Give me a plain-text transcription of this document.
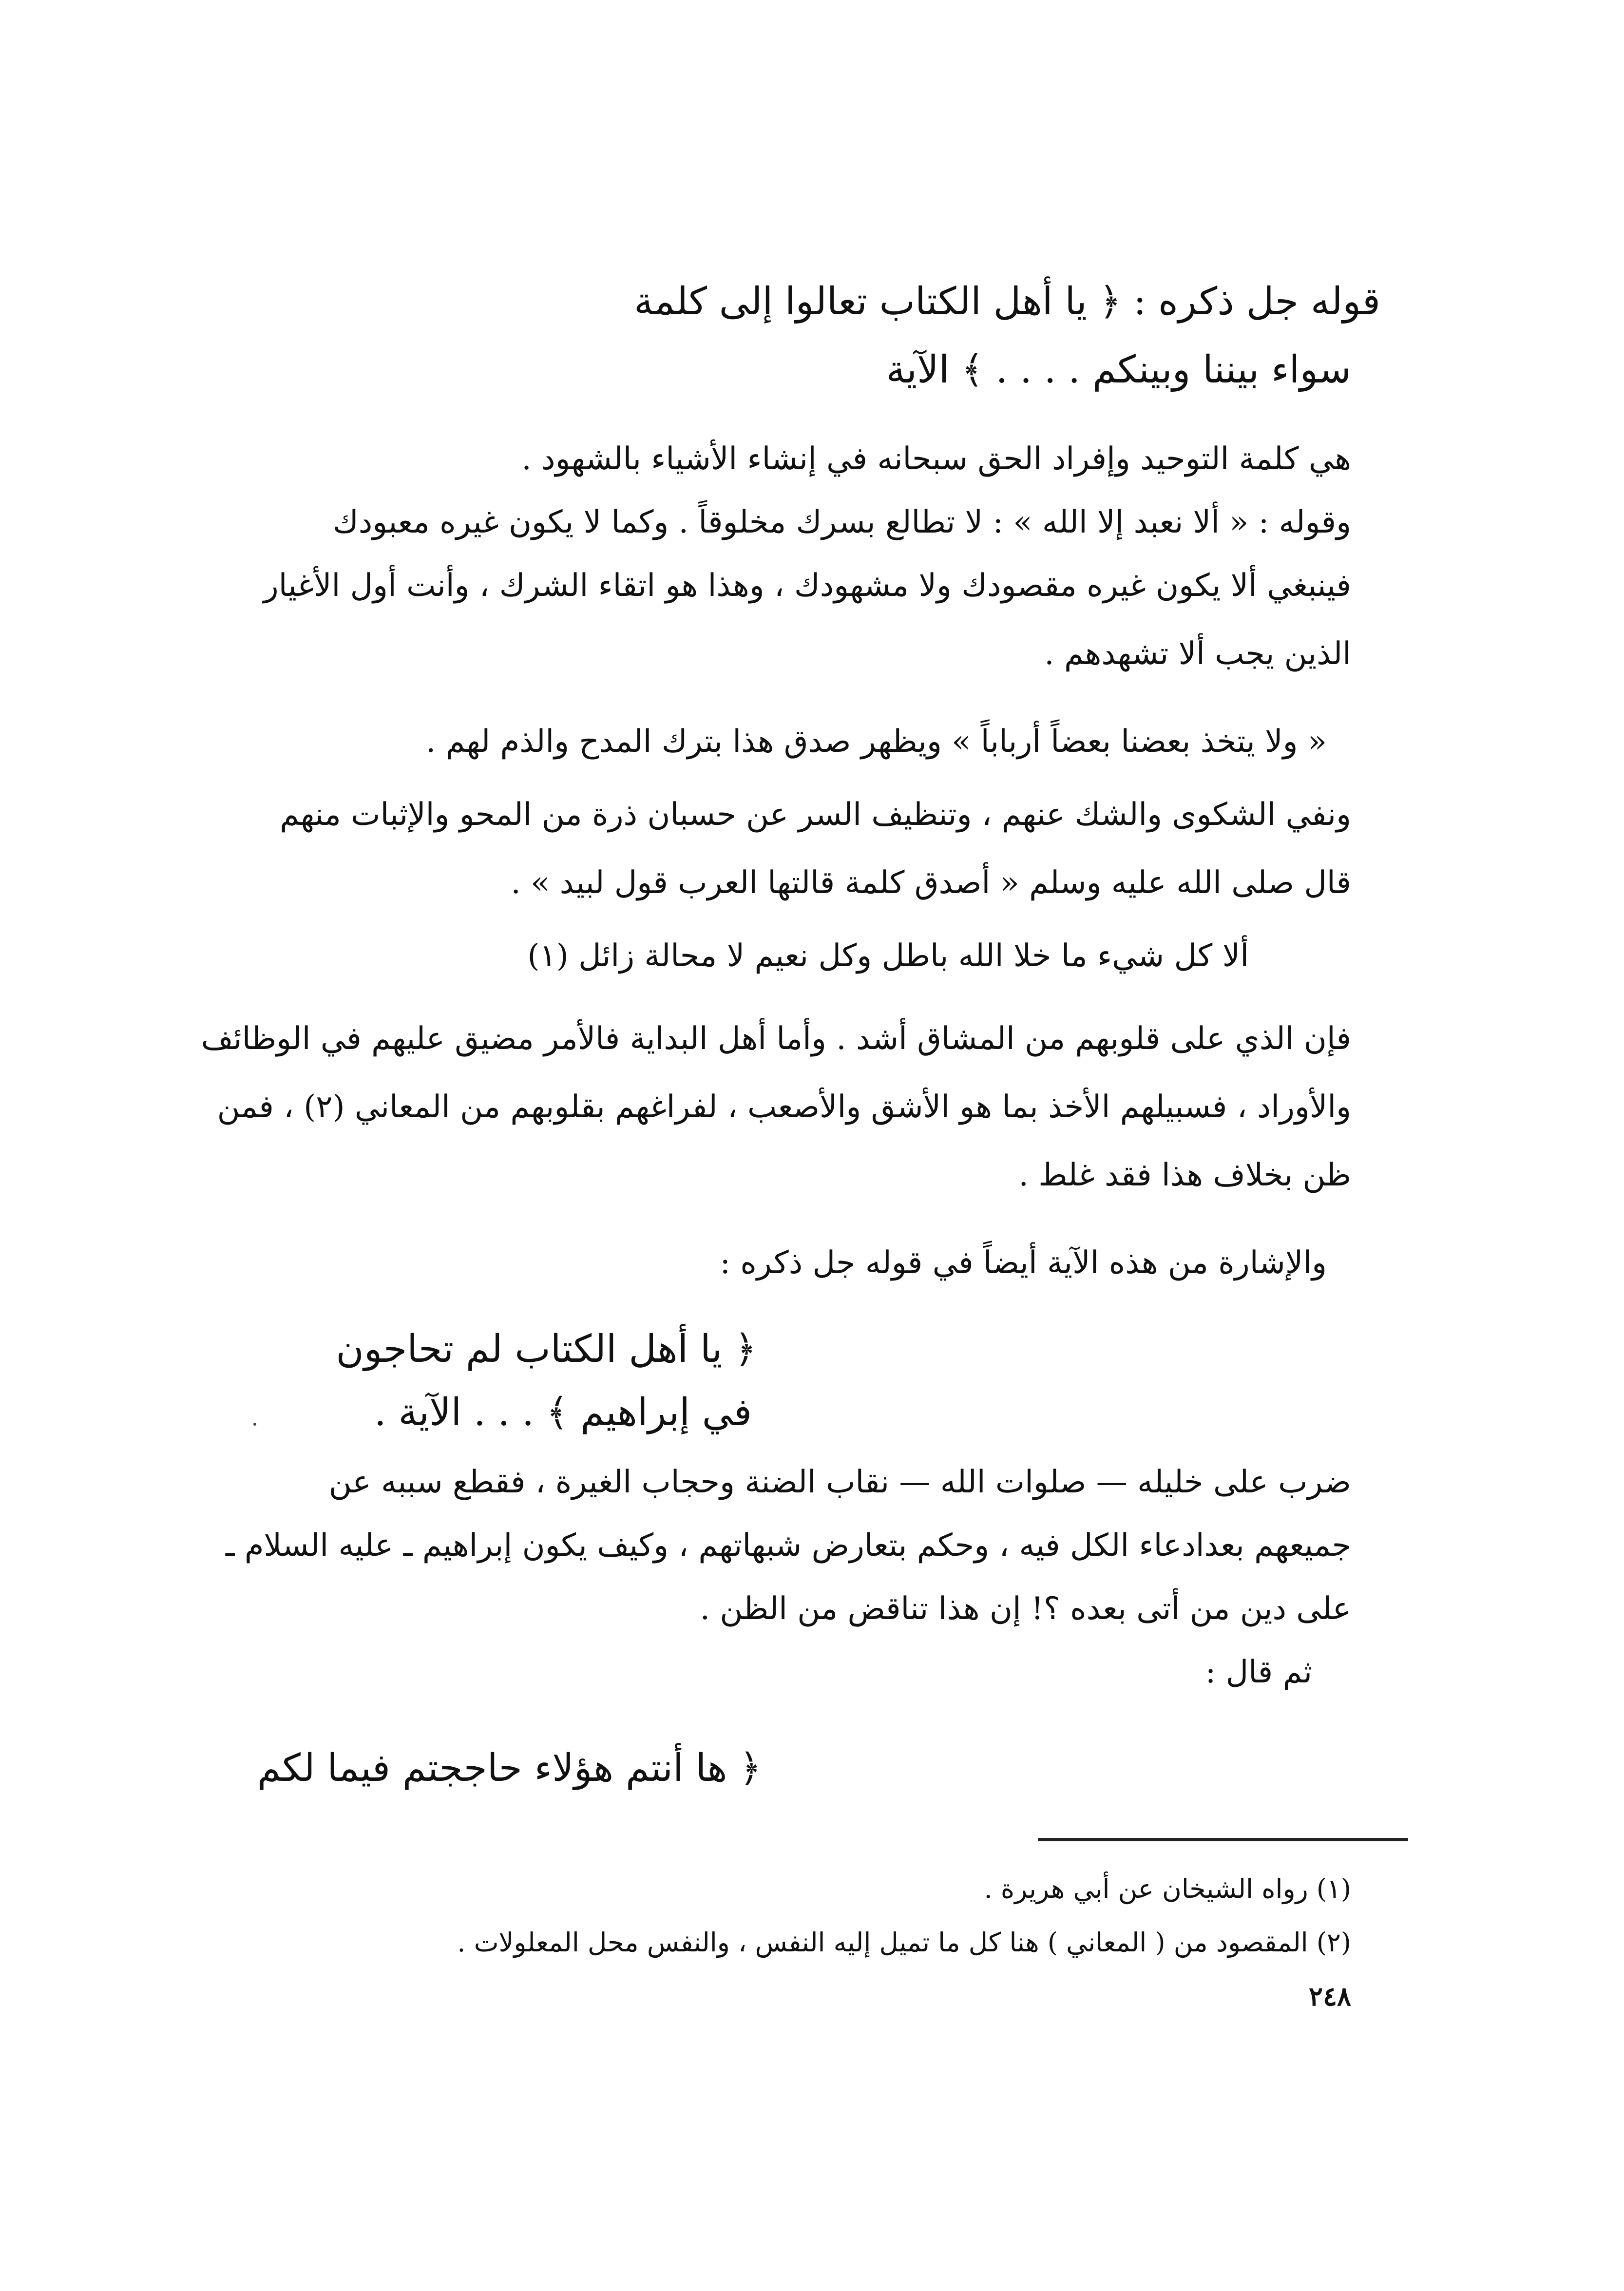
قوله جل ذكره : ﴿ يا أهل الكتاب تعالوا إلى كلمة
سواء بيننا وبينكم . . . . ﴾ الآية
هي كلمة التوحيد وإفراد الحق سبحانه في إنشاء الأشياء بالشهود .
وقوله : « ألا نعبد إلا الله » : لا تطالع بسرك مخلوقاً . وكما لا يكون غيره معبودك
فينبغي ألا يكون غيره مقصودك ولا مشهودك ، وهذا هو اتقاء الشرك ، وأنت أول الأغيار
الذين يجب ألا تشهدهم .
« ولا يتخذ بعضنا بعضاً أرباباً » ويظهر صدق هذا بترك المدح والذم لهم .
ونفي الشكوى والشك عنهم ، وتنظيف السر عن حسبان ذرة من المحو والإثبات منهم
قال صلى الله عليه وسلم « أصدق كلمة قالتها العرب قول لبيد » .
ألا كل شيء ما خلا الله باطل وكل نعيم لا محالة زائل (١)
فإن الذي على قلوبهم من المشاق أشد . وأما أهل البداية فالأمر مضيق عليهم في الوظائف
والأوراد ، فسبيلهم الأخذ بما هو الأشق والأصعب ، لفراغهم بقلوبهم من المعاني (٢) ، فمن
ظن بخلاف هذا فقد غلط .
والإشارة من هذه الآية أيضاً في قوله جل ذكره :
﴿ يا أهل الكتاب لم تحاجون
في إبراهيم ﴾ . . . الآية .
ضرب على خليله — صلوات الله — نقاب الضنة وحجاب الغيرة ، فقطع سببه عن
جميعهم بعدادعاء الكل فيه ، وحكم بتعارض شبهاتهم ، وكيف يكون إبراهيم ـ عليه السلام ـ
على دين من أتى بعده ؟! إن هذا تناقض من الظن .
ثم قال :
﴿ ها أنتم هؤلاء حاججتم فيما لكم
(١) رواه الشيخان عن أبي هريرة .
(٢) المقصود من ( المعاني ) هنا كل ما تميل إليه النفس ، والنفس محل المعلولات .
٢٤٨
